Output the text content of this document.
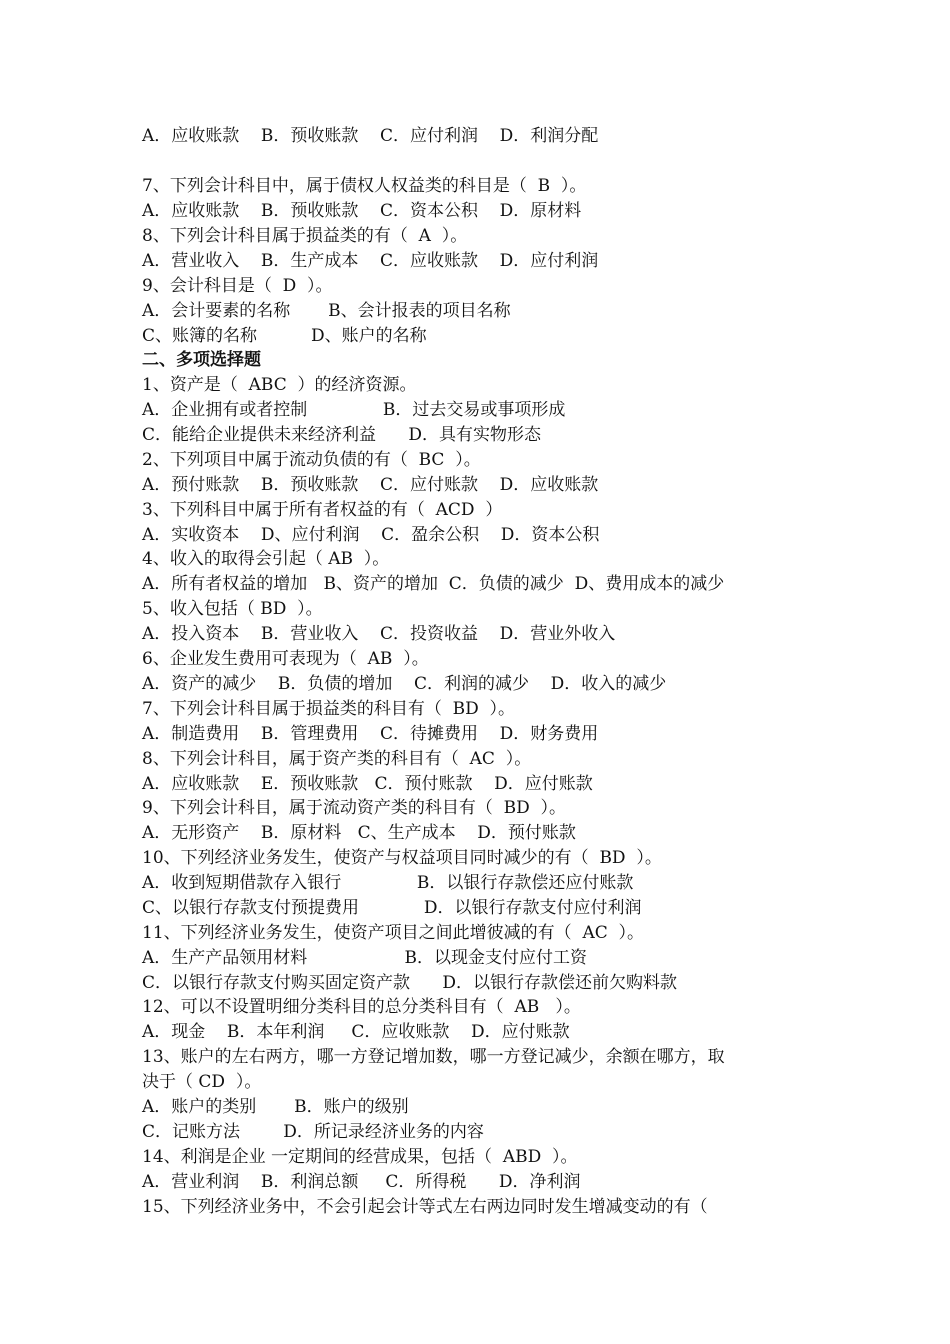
A．应收账款    B．预收账款    C．应付利润    D．利润分配
7、下列会计科目中，属于债权人权益类的科目是（  B  ）。
A．应收账款    B．预收账款    C．资本公积    D．原材料
8、下列会计科目属于损益类的有（  A  ）。
A．营业收入    B．生产成本    C．应收账款    D．应付利润
9、会计科目是（  D  ）。
A．会计要素的名称       B、会计报表的项目名称
C、账簿的名称          D、账户的名称
二、多项选择题
1、资产是（  ABC  ）的经济资源。
A．企业拥有或者控制              B．过去交易或事项形成
C．能给企业提供未来经济利益      D．具有实物形态
2、下列项目中属于流动负债的有（  BC  ）。
A．预付账款    B．预收账款    C．应付账款    D．应收账款
3、下列科目中属于所有者权益的有（  ACD  ）
A．实收资本    D、应付利润    C．盈余公积    D．资本公积
4、收入的取得会引起（ AB  ）。
A．所有者权益的增加   B、资产的增加  C．负债的减少  D、费用成本的减少
5、收入包括（ BD  ）。
A．投入资本    B．营业收入    C．投资收益    D．营业外收入
6、企业发生费用可表现为（  AB  ）。
A．资产的减少    B．负债的增加    C．利润的减少    D．收入的减少
7、下列会计科目属于损益类的科目有（  BD  ）。
A．制造费用    B．管理费用    C．待摊费用    D．财务费用
8、下列会计科目，属于资产类的科目有（  AC  ）。
A．应收账款    E．预收账款   C．预付账款    D．应付账款
9、下列会计科目，属于流动资产类的科目有（  BD  ）。
A．无形资产    B．原材料   C、生产成本    D．预付账款
10、下列经济业务发生，使资产与权益项目同时减少的有（  BD  ）。
A．收到短期借款存入银行              B．以银行存款偿还应付账款
C、以银行存款支付预提费用            D．以银行存款支付应付利润
11、下列经济业务发生，使资产项目之间此增彼减的有（  AC  ）。
A．生产产品领用材料                  B．以现金支付应付工资
C．以银行存款支付购买固定资产款      D．以银行存款偿还前欠购料款
12、可以不设置明细分类科目的总分类科目有（  AB   ）。
A．现金    B．本年利润     C．应收账款    D．应付账款
13、账户的左右两方，哪一方登记增加数，哪一方登记减少，余额在哪方，取
决于（ CD  ）。
A．账户的类别       B．账户的级别
C．记账方法        D．所记录经济业务的内容
14、利润是企业 一定期间的经营成果，包括（  ABD  ）。
A．营业利润    B．利润总额     C．所得税      D．净利润
15、下列经济业务中，不会引起会计等式左右两边同时发生增减变动的有（
